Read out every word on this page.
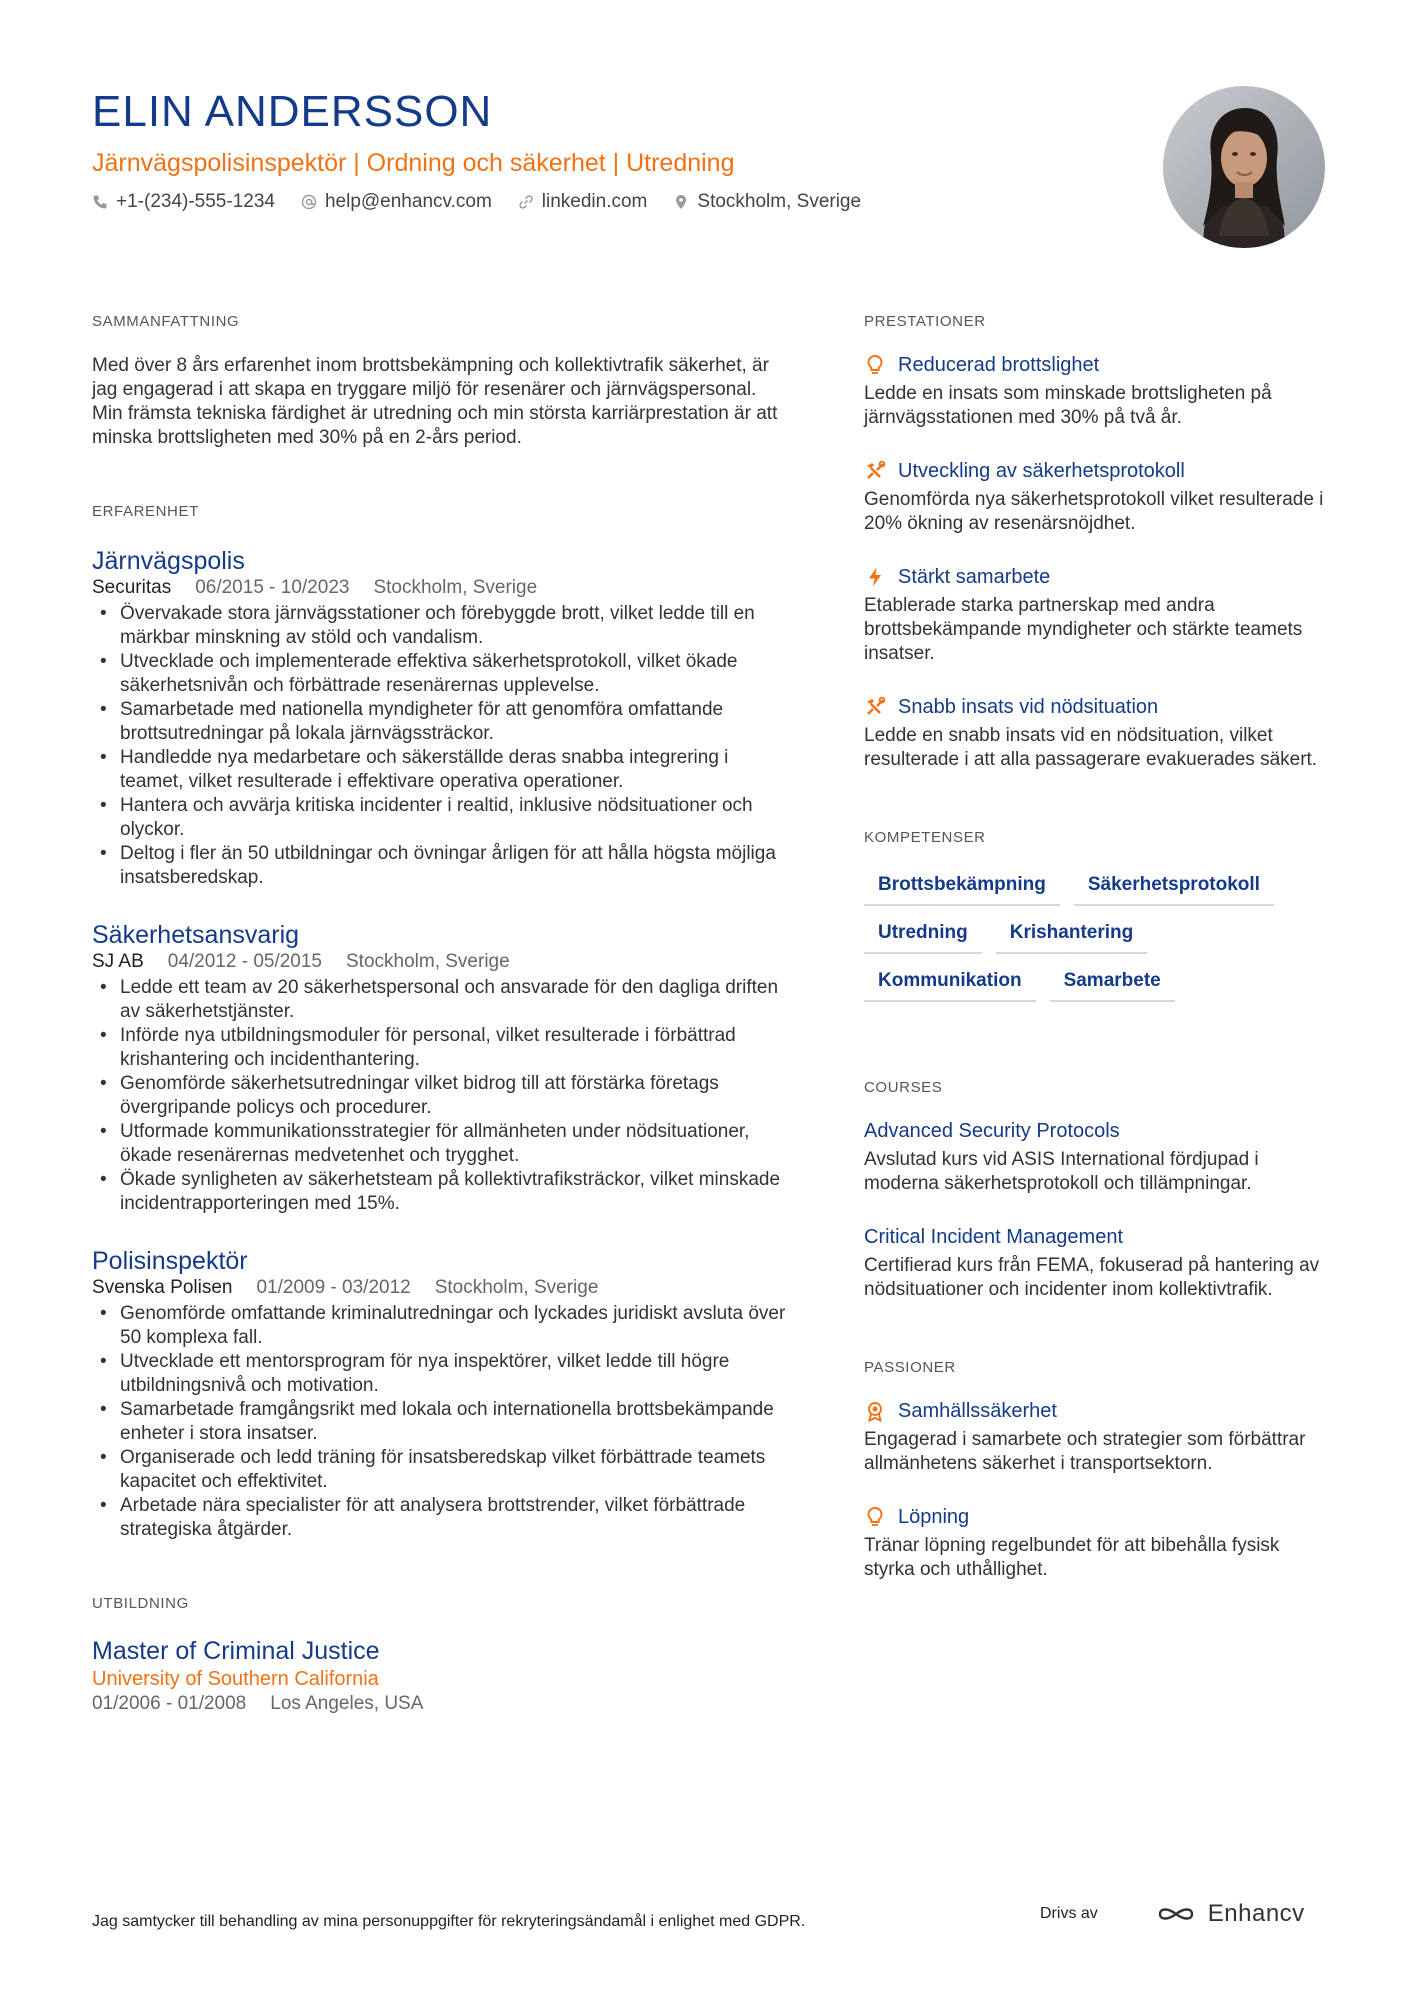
ELIN ANDERSSON
Järnvägspolisinspektör | Ordning och säkerhet | Utredning
+1-(234)-555-1234	help@enhancv.com	linkedin.com	Stockholm, Sverige
SAMMANFATTNING
Med över 8 års erfarenhet inom brottsbekämpning och kollektivtrafik säkerhet, är jag engagerad i att skapa en tryggare miljö för resenärer och järnvägspersonal. Min främsta tekniska färdighet är utredning och min största karriärprestation är att minska brottsligheten med 30% på en 2-års period.
ERFARENHET
Järnvägspolis
Securitas 06/2015 - 10/2023 Stockholm, Sverige
• Övervakade stora järnvägsstationer och förebyggde brott, vilket ledde till en märkbar minskning av stöld och vandalism.
• Utvecklade och implementerade effektiva säkerhetsprotokoll, vilket ökade säkerhetsnivån och förbättrade resenärernas upplevelse.
• Samarbetade med nationella myndigheter för att genomföra omfattande brottsutredningar på lokala järnvägssträckor.
• Handledde nya medarbetare och säkerställde deras snabba integrering i teamet, vilket resulterade i effektivare operativa operationer.
• Hantera och avvärja kritiska incidenter i realtid, inklusive nödsituationer och olyckor.
• Deltog i fler än 50 utbildningar och övningar årligen för att hålla högsta möjliga insatsberedskap.
Säkerhetsansvarig
SJ AB 04/2012 - 05/2015 Stockholm, Sverige
• Ledde ett team av 20 säkerhetspersonal och ansvarade för den dagliga driften av säkerhetstjänster.
• Införde nya utbildningsmoduler för personal, vilket resulterade i förbättrad krishantering och incidenthantering.
• Genomförde säkerhetsutredningar vilket bidrog till att förstärka företags övergripande policys och procedurer.
• Utformade kommunikationsstrategier för allmänheten under nödsituationer, ökade resenärernas medvetenhet och trygghet.
• Ökade synligheten av säkerhetsteam på kollektivtrafiksträckor, vilket minskade incidentrapporteringen med 15%.
Polisinspektör
Svenska Polisen 01/2009 - 03/2012 Stockholm, Sverige
• Genomförde omfattande kriminalutredningar och lyckades juridiskt avsluta över 50 komplexa fall.
• Utvecklade ett mentorsprogram för nya inspektörer, vilket ledde till högre utbildningsnivå och motivation.
• Samarbetade framgångsrikt med lokala och internationella brottsbekämpande enheter i stora insatser.
• Organiserade och ledd träning för insatsberedskap vilket förbättrade teamets kapacitet och effektivitet.
• Arbetade nära specialister för att analysera brottstrender, vilket förbättrade strategiska åtgärder.
UTBILDNING
Master of Criminal Justice
University of Southern California
01/2006 - 01/2008 Los Angeles, USA
PRESTATIONER
Reducerad brottslighet
Ledde en insats som minskade brottsligheten på järnvägsstationen med 30% på två år.
Utveckling av säkerhetsprotokoll
Genomförda nya säkerhetsprotokoll vilket resulterade i 20% ökning av resenärsnöjdhet.
Stärkt samarbete
Etablerade starka partnerskap med andra brottsbekämpande myndigheter och stärkte teamets insatser.
Snabb insats vid nödsituation
Ledde en snabb insats vid en nödsituation, vilket resulterade i att alla passagerare evakuerades säkert.
KOMPETENSER
Brottsbekämpning	Säkerhetsprotokoll
Utredning	Krishantering
Kommunikation	Samarbete
COURSES
Advanced Security Protocols
Avslutad kurs vid ASIS International fördjupad i moderna säkerhetsprotokoll och tillämpningar.
Critical Incident Management
Certifierad kurs från FEMA, fokuserad på hantering av nödsituationer och incidenter inom kollektivtrafik.
PASSIONER
Samhällssäkerhet
Engagerad i samarbete och strategier som förbättrar allmänhetens säkerhet i transportsektorn.
Löpning
Tränar löpning regelbundet för att bibehålla fysisk styrka och uthållighet.
Jag samtycker till behandling av mina personuppgifter för rekryteringsändamål i enlighet med GDPR.	Drivs av	Enhancv
